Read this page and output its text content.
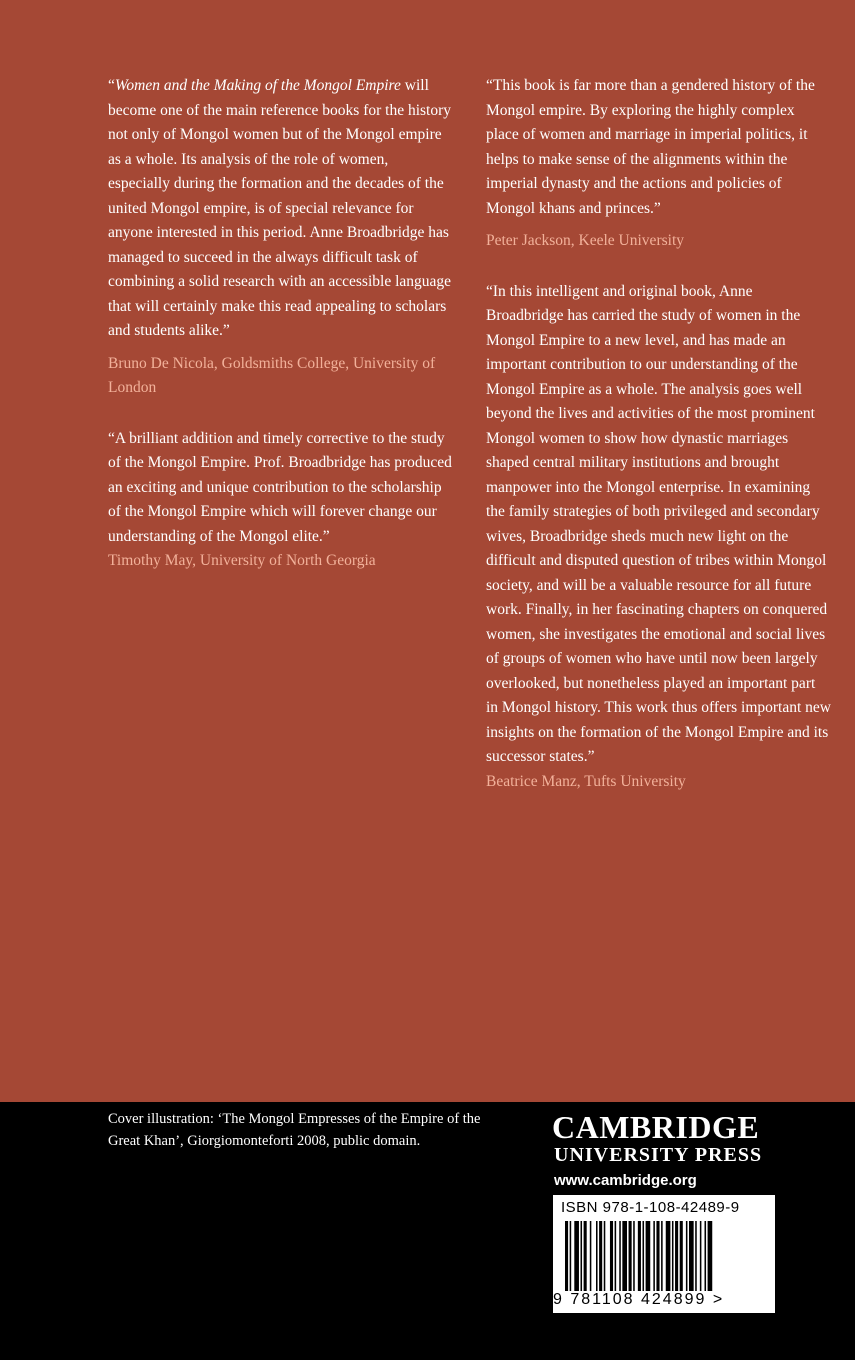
“Women and the Making of the Mongol Empire will become one of the main reference books for the history not only of Mongol women but of the Mongol empire as a whole. Its analysis of the role of women, especially during the formation and the decades of the united Mongol empire, is of special relevance for anyone interested in this period. Anne Broadbridge has managed to succeed in the always difficult task of combining a solid research with an accessible language that will certainly make this read appealing to scholars and students alike.”

Bruno De Nicola, Goldsmiths College, University of London

“A brilliant addition and timely corrective to the study of the Mongol Empire. Prof. Broadbridge has produced an exciting and unique contribution to the scholarship of the Mongol Empire which will forever change our understanding of the Mongol elite.”

Timothy May, University of North Georgia

“This book is far more than a gendered history of the Mongol empire. By exploring the highly complex place of women and marriage in imperial politics, it helps to make sense of the alignments within the imperial dynasty and the actions and policies of Mongol khans and princes.”

Peter Jackson, Keele University

“In this intelligent and original book, Anne Broadbridge has carried the study of women in the Mongol Empire to a new level, and has made an important contribution to our understanding of the Mongol Empire as a whole. The analysis goes well beyond the lives and activities of the most prominent Mongol women to show how dynastic marriages shaped central military institutions and brought manpower into the Mongol enterprise. In examining the family strategies of both privileged and secondary wives, Broadbridge sheds much new light on the difficult and disputed question of tribes within Mongol society, and will be a valuable resource for all future work. Finally, in her fascinating chapters on conquered women, she investigates the emotional and social lives of groups of women who have until now been largely overlooked, but nonetheless played an important part in Mongol history. This work thus offers important new insights on the formation of the Mongol Empire and its successor states.”

Beatrice Manz, Tufts University

Cover illustration: ‘The Mongol Empresses of the Empire of the Great Khan’, Giorgiomonteforti 2008, public domain.	CAMBRIDGE
UNIVERSITY PRESS
www.cambridge.org
ISBN 978-1-108-42489-9
9 781108 424899 >
